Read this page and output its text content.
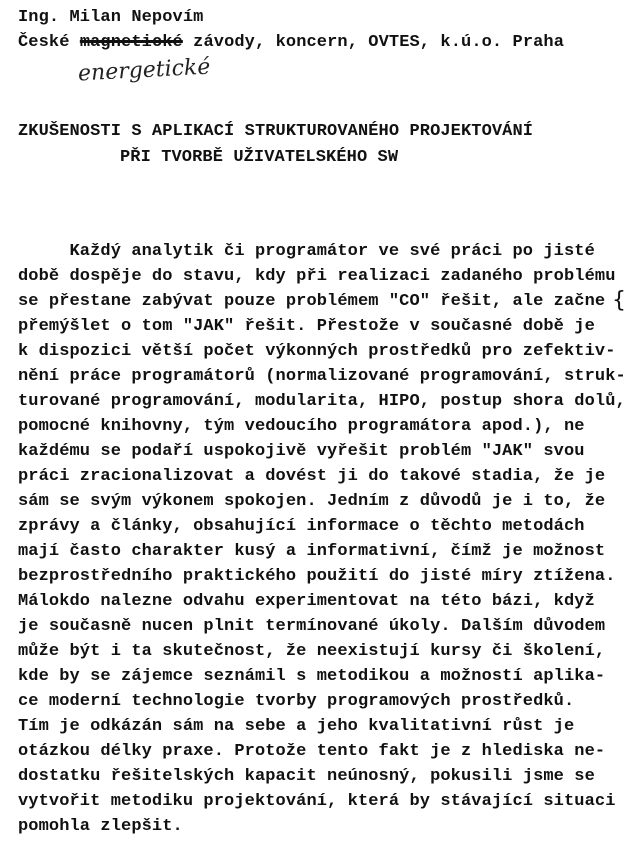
Ing. Milan Nepovím
České magnetické závody, koncern, OVTES, k.ú.o. Praha
energetické
ZKUŠENOSTI S APLIKACÍ STRUKTUROVANÉHO PROJEKTOVÁNÍ
PŘI TVORBĚ UŽIVATELSKÉHO SW
{
Každý analytik či programátor ve své práci po jisté
době dospěje do stavu, kdy při realizaci zadaného problému
se přestane zabývat pouze problémem "CO" řešit, ale začne
přemýšlet o tom "JAK" řešit. Přestože v současné době je
k dispozici větší počet výkonných prostředků pro zefektiv-
nění práce programátorů (normalizované programování, struk-
turované programování, modularita, HIPO, postup shora dolů,
pomocné knihovny, tým vedoucího programátora apod.), ne
každému se podaří uspokojivě vyřešit problém "JAK" svou
práci zracionalizovat a dovést ji do takové stadia, že je
sám se svým výkonem spokojen. Jedním z důvodů je i to, že
zprávy a články, obsahující informace o těchto metodách
mají často charakter kusý a informativní, čímž je možnost
bezprostředního praktického použití do jisté míry ztížena.
Málokdo nalezne odvahu experimentovat na této bázi, když
je současně nucen plnit termínované úkoly. Dalším důvodem
může být i ta skutečnost, že neexistují kursy či školení,
kde by se zájemce seznámil s metodikou a možností aplika-
ce moderní technologie tvorby programových prostředků.
Tím je odkázán sám na sebe a jeho kvalitativní růst je
otázkou délky praxe. Protože tento fakt je z hlediska ne-
dostatku řešitelských kapacit neúnosný, pokusili jsme se
vytvořit metodiku projektování, která by stávající situaci
pomohla zlepšit.
